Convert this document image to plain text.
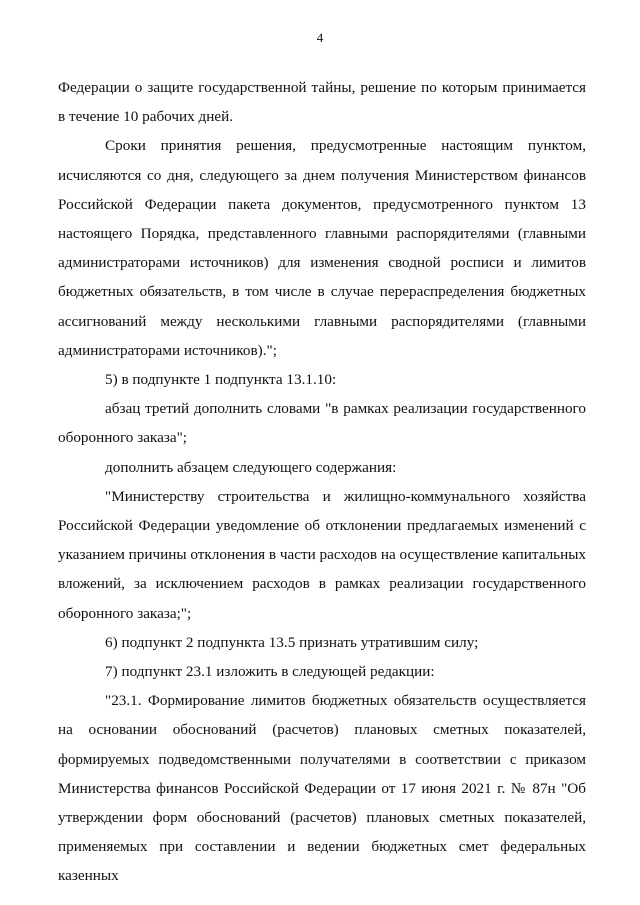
4

Федерации о защите государственной тайны, решение по которым принимается в течение 10 рабочих дней.

Сроки принятия решения, предусмотренные настоящим пунктом, исчисляются со дня, следующего за днем получения Министерством финансов Российской Федерации пакета документов, предусмотренного пунктом 13 настоящего Порядка, представленного главными распорядителями (главными администраторами источников) для изменения сводной росписи и лимитов бюджетных обязательств, в том числе в случае перераспределения бюджетных ассигнований между несколькими главными распорядителями (главными администраторами источников).";

5) в подпункте 1 подпункта 13.1.10:

абзац третий дополнить словами "в рамках реализации государственного оборонного заказа";

дополнить абзацем следующего содержания:

"Министерству строительства и жилищно-коммунального хозяйства Российской Федерации уведомление об отклонении предлагаемых изменений с указанием причины отклонения в части расходов на осуществление капитальных вложений, за исключением расходов в рамках реализации государственного оборонного заказа;";

6) подпункт 2 подпункта 13.5 признать утратившим силу;

7) подпункт 23.1 изложить в следующей редакции:

"23.1. Формирование лимитов бюджетных обязательств осуществляется на основании обоснований (расчетов) плановых сметных показателей, формируемых подведомственными получателями в соответствии с приказом Министерства финансов Российской Федерации от 17 июня 2021 г. № 87н "Об утверждении форм обоснований (расчетов) плановых сметных показателей, применяемых при составлении и ведении бюджетных смет федеральных казенных
